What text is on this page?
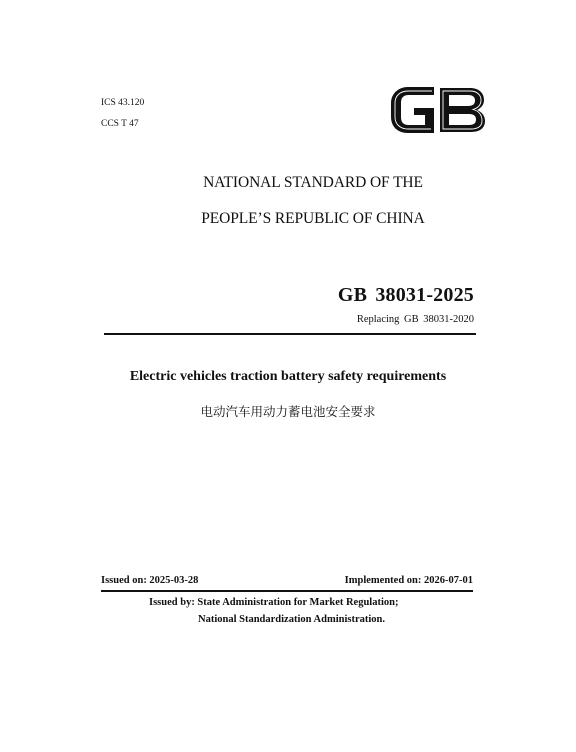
ICS 43.120
CCS T 47
NATIONAL STANDARD OF THE
PEOPLE’S REPUBLIC OF CHINA
GB 38031-2025
Replacing GB 38031-2020
Electric vehicles traction battery safety requirements
电动汽车用动力蓄电池安全要求
Issued on: 2025-03-28	Implemented on: 2026-07-01
Issued by: State Administration for Market Regulation;
National Standardization Administration.
